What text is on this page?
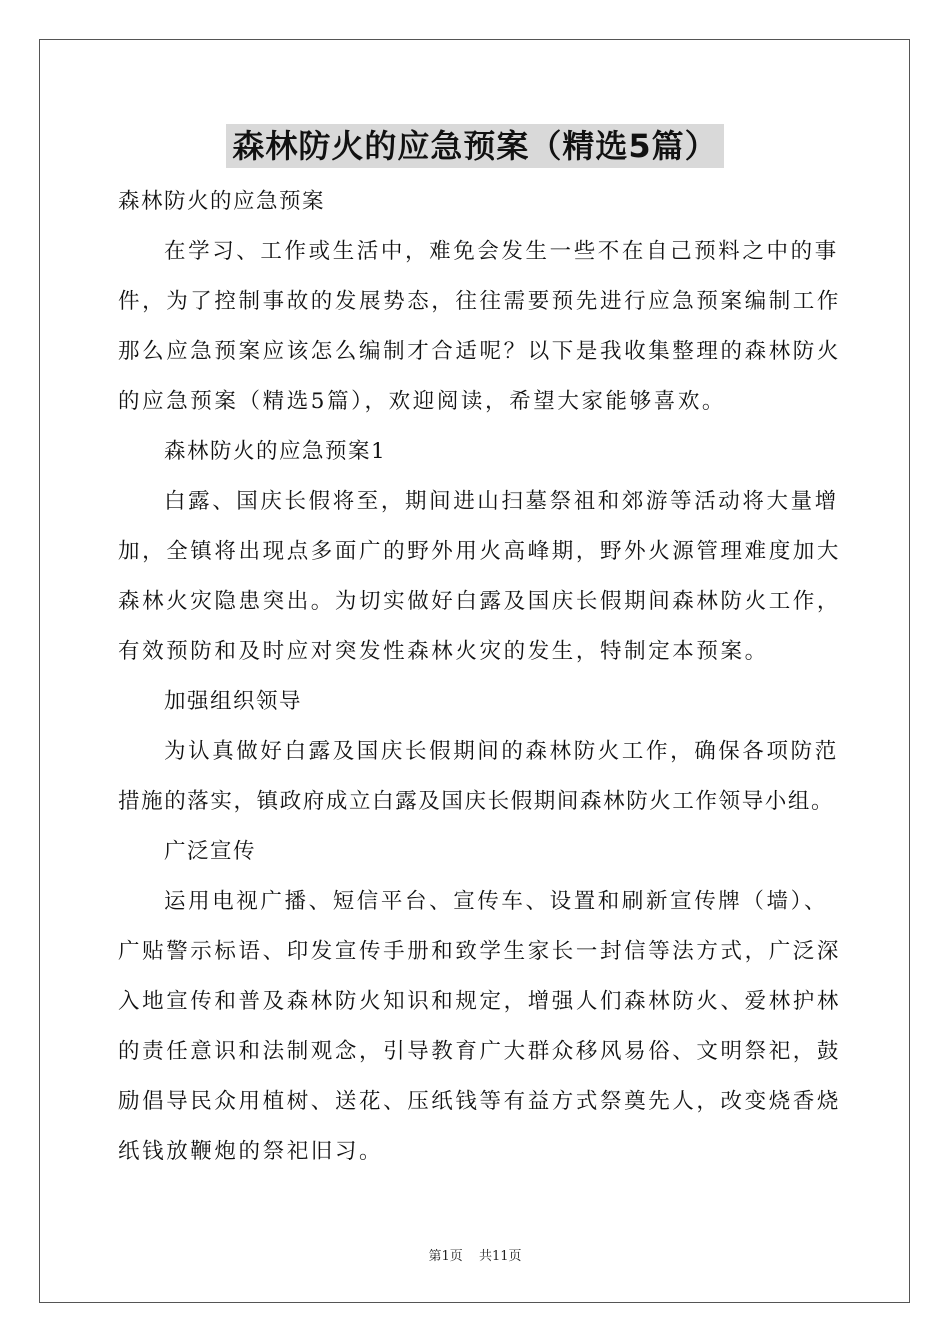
森林防火的应急预案（精选5篇）
森林防火的应急预案
在学习、工作或生活中，难免会发生一些不在自己预料之中的事
件，为了控制事故的发展势态，往往需要预先进行应急预案编制工作
那么应急预案应该怎么编制才合适呢？以下是我收集整理的森林防火
的应急预案（精选5篇），欢迎阅读，希望大家能够喜欢。
森林防火的应急预案1
白露、国庆长假将至，期间进山扫墓祭祖和郊游等活动将大量增
加，全镇将出现点多面广的野外用火高峰期，野外火源管理难度加大
森林火灾隐患突出。为切实做好白露及国庆长假期间森林防火工作，
有效预防和及时应对突发性森林火灾的发生，特制定本预案。
加强组织领导
为认真做好白露及国庆长假期间的森林防火工作，确保各项防范
措施的落实，镇政府成立白露及国庆长假期间森林防火工作领导小组。
广泛宣传
运用电视广播、短信平台、宣传车、设置和刷新宣传牌（墙）、
广贴警示标语、印发宣传手册和致学生家长一封信等法方式，广泛深
入地宣传和普及森林防火知识和规定，增强人们森林防火、爱林护林
的责任意识和法制观念，引导教育广大群众移风易俗、文明祭祀，鼓
励倡导民众用植树、送花、压纸钱等有益方式祭奠先人，改变烧香烧
纸钱放鞭炮的祭祀旧习。
第1页 共11页
